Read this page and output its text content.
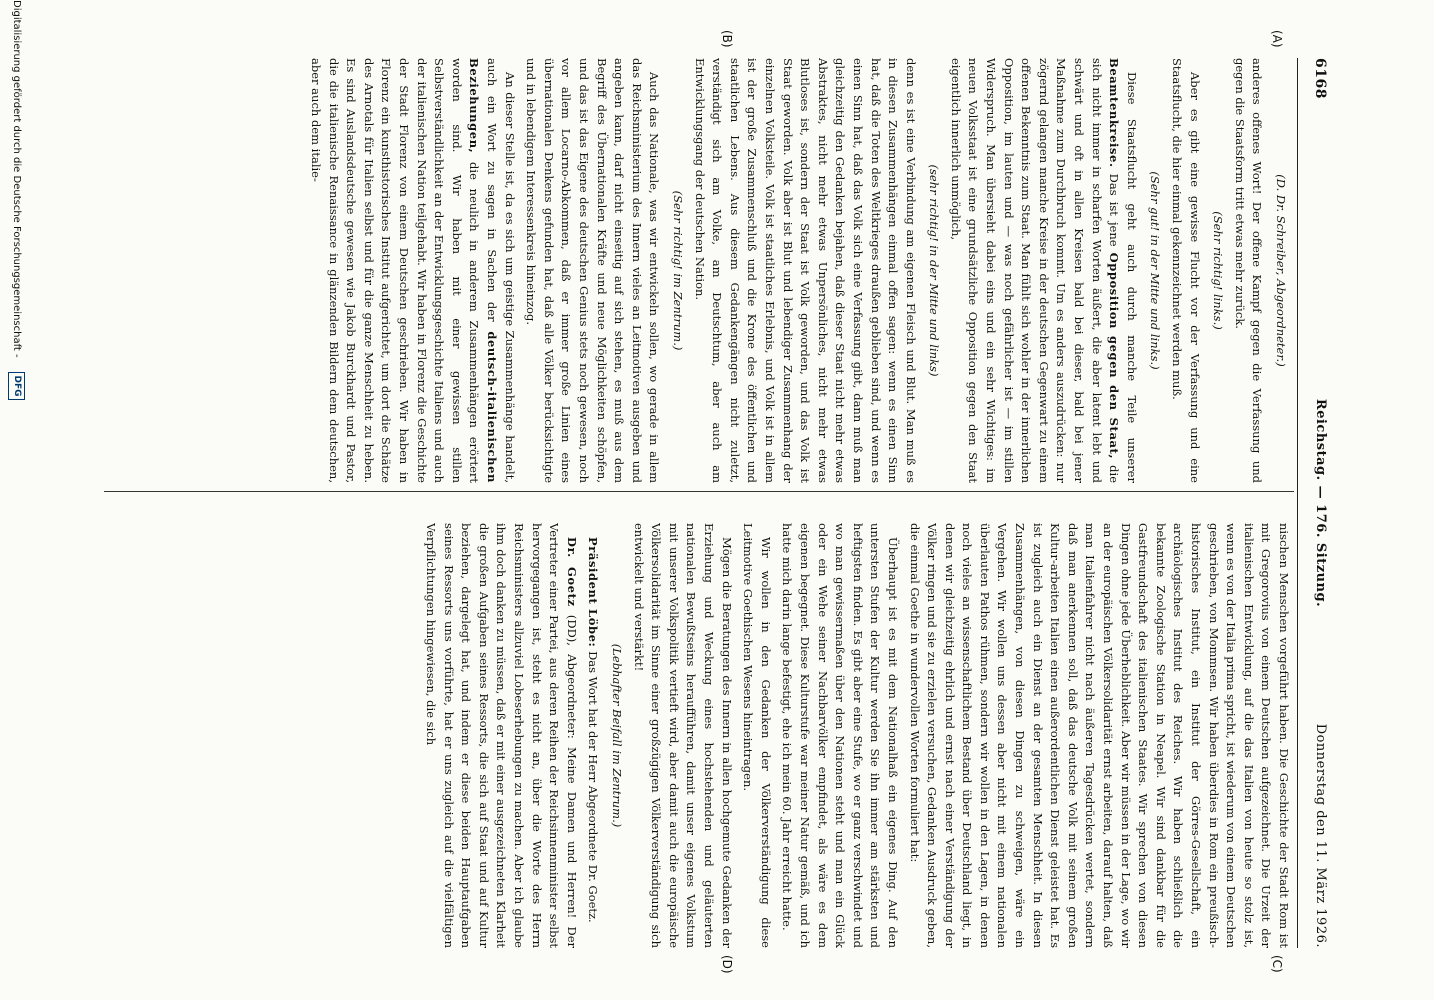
6168
Reichstag. — 176. Sitzung.
Donnerstag den 11. März 1926.
(A)
(B)
(C)
(D)

(D. Dr. Schreiber, Abgeordneter.)

anderes offenes Wort! Der offene Kampf gegen die Verfassung und gegen die Staatsform tritt etwas mehr zurück.

(Sehr richtig! links.)

Aber es gibt eine gewisse Flucht vor der Verfassung und eine Staatsflucht, die hier einmal gekennzeichnet werden muß.

(Sehr gut! in der Mitte und links.)

Diese Staatsflucht geht auch durch manche Teile unserer Beamtenkreise. Das ist jene Opposition gegen den Staat, die sich nicht immer in scharfen Worten äußert, die aber latent lebt und schwärt und oft in allen Kreisen bald bei dieser, bald bei jener Maßnahme zum Durchbruch kommt. Um es anders auszudrücken: nur zögernd gelangen manche Kreise in der deutschen Gegenwart zu einem offenen Bekenntnis zum Staat. Man fühlt sich wohler in der innerlichen Opposition, im lauten und — was noch gefährlicher ist — im stillen Widerspruch. Man übersieht dabei eins und ein sehr Wichtiges: im neuen Volksstaat ist eine grundsätzliche Opposition gegen den Staat eigentlich innerlich unmöglich,

(sehr richtig! in der Mitte und links)

denn es ist eine Verbindung am eigenen Fleisch und Blut. Man muß es in diesen Zusammenhängen einmal offen sagen: wenn es einen Sinn hat, daß die Toten des Weltkrieges draußen geblieben sind, und wenn es einen Sinn hat, daß das Volk sich eine Verfassung gibt, dann muß man gleichzeitig den Gedanken bejahen, daß dieser Staat nicht mehr etwas Abstraktes, nicht mehr etwas Unpersönliches, nicht mehr etwas Blutloses ist, sondern der Staat ist Volk geworden, und das Volk ist Staat geworden. Volk aber ist Blut und lebendiger Zusammenhang der einzelnen Volksteile. Volk ist staatliches Erlebnis, und Volk ist in allem ist der große Zusammenschluß und die Krone des öffentlichen und staatlichen Lebens. Aus diesem Gedankengängen nicht zuletzt, verständigt sich am Volke, am Deutschtum, aber auch am Entwicklungsgang der deutschen Nation.

(Sehr richtig! im Zentrum.)

Auch das Nationale, was wir entwickeln sollen, wo gerade in allem das Reichsministerium des Innern vieles an Leitmotiven ausgeben und angeben kann, darf nicht einseitig auf sich stehen, es muß aus dem Begriff des Übernationalen Kräfte und neue Möglichkeiten schöpfen, und das ist das Eigene des deutschen Genius stets noch gewesen, noch vor allem Locarno-Abkommen, daß er immer große Linien eines übernationalen Denkens gefunden hat, daß alle Völker berücksichtigte und in lebendigem Interessenkreis hineinzog.

An dieser Stelle ist, da es sich um geistige Zusammenhänge handelt, auch ein Wort zu sagen in Sachen der deutsch-italienischen Beziehungen, die neulich in anderem Zusammenhängen erörtert worden sind. Wir haben mit einer gewissen stillen Selbstverständlichkeit an der Entwicklungsgeschichte Italiens und auch der italienischen Nation teilgehabt. Wir haben in Florenz die Geschichte der Stadt Florenz von einem Deutschen geschrieben. Wir haben in Florenz ein kunsthistorisches Institut aufgerichtet, um dort die Schätze des Arnotals für Italien selbst und für die ganze Menschheit zu heben. Es sind Auslandsdeutsche gewesen wie Jakob Burckhardt und Pastor, die die italienische Renaissance in glänzenden Bildern dem deutschen, aber auch dem italie-

nischen Menschen vorgeführt haben. Die Geschichte der Stadt Rom ist mit Gregorovius von einem Deutschen aufgezeichnet. Die Urzeit der italienischen Entwicklung, auf die das Italien von heute so stolz ist, wenn es von der Italia prima spricht, ist wiederum von einem Deutschen geschrieben, von Mommsen. Wir haben überdies in Rom ein preußisch-historisches Institut, ein Institut der Görres-Gesellschaft, ein archäologisches Institut des Reiches. Wir haben schließlich die bekannte Zoologische Station in Neapel. Wir sind dankbar für die Gastfreundschaft des italienischen Staates. Wir sprechen von diesen Dingen ohne jede Überheblichkeit. Aber wir müssen in der Lage, wo wir an der europäischen Völkersolidarität ernst arbeiten, darauf halten, daß man Italienfahrer nicht nach äußeren Tagesdrücken wertet, sondern daß man anerkennen soll, daß das deutsche Volk mit seinem großen Kultur-arbeiten Italien einen außerordentlichen Dienst geleistet hat. Es ist zugleich auch ein Dienst an der gesamten Menschheit. In diesen Zusammenhängen, von diesen Dingen zu schweigen, wäre ein Vergehen. Wir wollen uns dessen aber nicht mit einem nationalen überlauten Pathos rühmen, sondern wir wollen in den Lagen, in denen noch vieles an wissenschaftlichem Bestand über Deutschland liegt, in denen wir gleichzeitig ehrlich und ernst nach einer Verständigung der Völker ringen und sie zu erzielen versuchen, Gedanken Ausdruck geben, die einmal Goethe in wundervollen Worten formuliert hat:

Überhaupt ist es mit dem Nationalhaß ein eigenes Ding. Auf den untersten Stufen der Kultur werden Sie ihn immer am stärksten und heftigsten finden. Es gibt aber eine Stufe, wo er ganz verschwindet und wo man gewissermaßen über den Nationen steht und man ein Glück oder ein Wehe seiner Nachbarvölker empfindet, als wäre es dem eigenen begegnet. Diese Kulturstufe war meiner Natur gemäß, und ich hatte mich darin lange befestigt, ehe ich mein 60. Jahr erreicht hatte.

Wir wollen in den Gedanken der Völkerverständigung diese Leitmotive Goethischen Wesens hineintragen.

Mögen die Beratungen des Innern in allen hochgemute Gedanken der Erziehung und Weckung eines hochstehenden und geläuterten nationalen Bewußtseins heraufführen, damit unser eigenes Volkstum mit unserer Volkspolitik vertieft wird, aber damit auch die europäische Völkersolidarität im Sinne einer großzügigen Völkerverständigung sich entwickelt und verstärkt!

(Lebhafter Beifall im Zentrum.)

Präsident Löbe: Das Wort hat der Herr Abgeordnete Dr. Goetz.

Dr. Goetz (DD), Abgeordneter: Meine Damen und Herren! Der Vertreter einer Partei, aus deren Reihen der Reichsinnenminister selbst hervorgegangen ist, steht es nicht an, über die Worte des Herrn Reichsministers allzuviel Lobeserhebungen zu machen. Aber ich glaube ihm doch danken zu müssen, daß er mit einer ausgezeichneten Klarheit die großen Aufgaben seines Ressorts, die sich auf Staat und auf Kultur beziehen, dargelegt hat, und indem er diese beiden Hauptaufgaben seines Ressorts uns vorführte, hat er uns zugleich auf die vielfältigen Verpflichtungen hingewiesen, die sich

Digitalisierung gefördert durch die Deutsche Forschungsgemeinschaft -
DFG
